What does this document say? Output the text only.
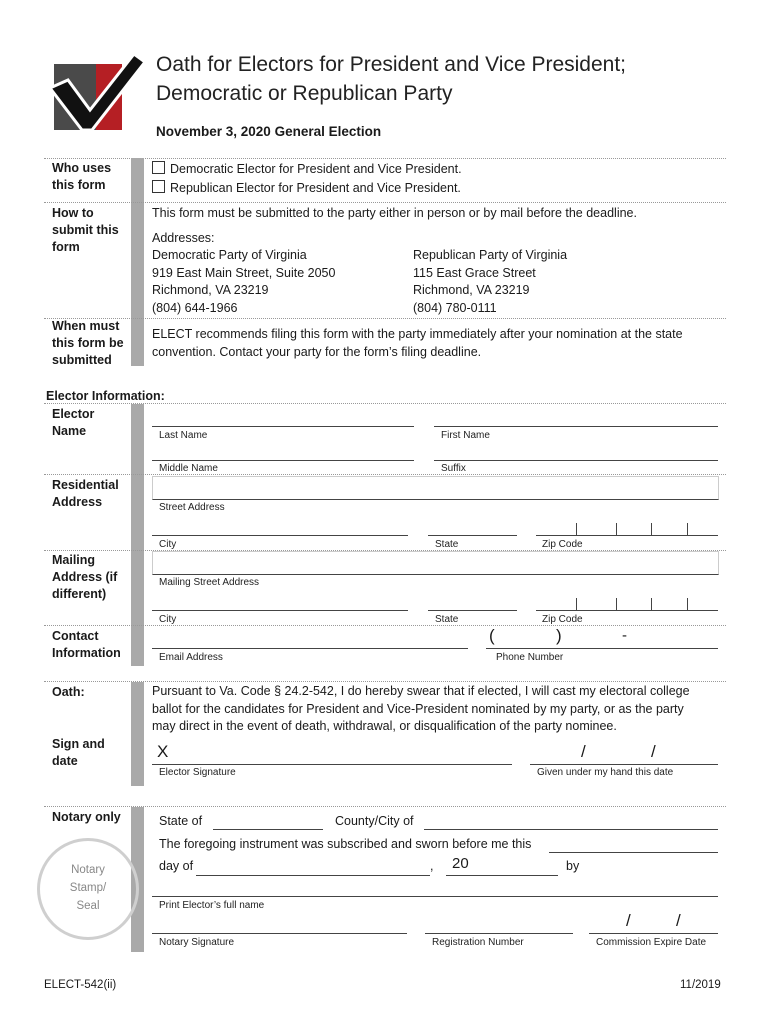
Oath for Electors for President and Vice President;
Democratic or Republican Party
November 3, 2020 General Election
Who uses
this form
Democratic Elector for President and Vice President.
Republican Elector for President and Vice President.
How to
submit this
form
This form must be submitted to the party either in person or by mail before the deadline.
Addresses:
Democratic Party of Virginia
919 East Main Street, Suite 2050
Richmond, VA 23219
(804) 644-1966
Republican Party of Virginia
115 East Grace Street
Richmond, VA 23219
(804) 780-0111
When must
this form be
submitted
ELECT recommends filing this form with the party immediately after your nomination at the state
convention. Contact your party for the form’s filing deadline.
Elector Information:
Elector
Name	Last Name	First Name
Middle Name	Suffix
Residential
Address	Street Address
City	State	Zip Code
Mailing
Address (if
different)
Mailing Street Address
City	State	Zip Code
Contact
Information	Email Address
(	)	-
Phone Number
Oath:	Pursuant to Va. Code § 24.2-542, I do hereby swear that if elected, I will cast my electoral college
ballot for the candidates for President and Vice-President nominated by my party, or as the party
may direct in the event of death, withdrawal, or disqualification of the party nominee.
Sign and
date	X
Elector Signature
/	/
Given under my hand this date
Notary only
Notary
Stamp/
Seal
State of	County/City of
The foregoing instrument was subscribed and sworn before me this
day of	, 20	by
Print Elector’s full name
Notary Signature	Registration Number
/	/
Commission Expire Date
ELECT-542(ii)	11/2019
